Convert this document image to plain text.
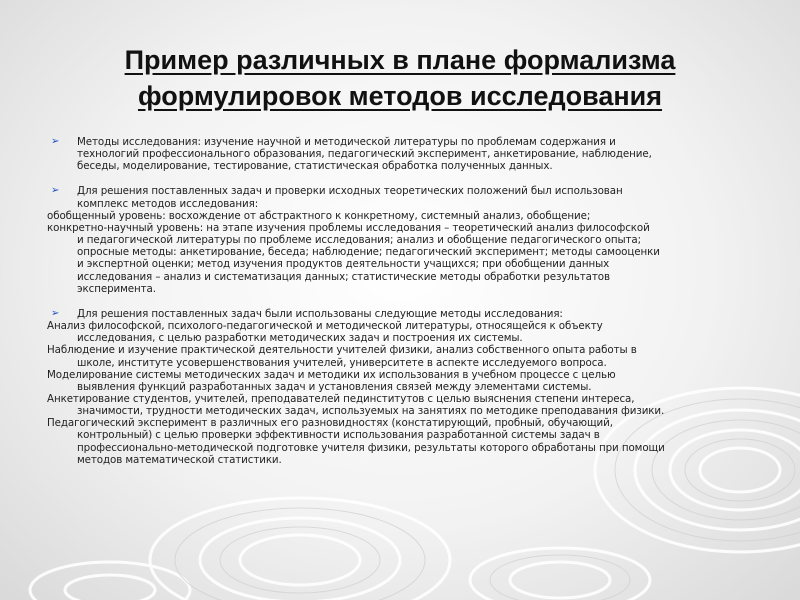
Пример различных в плане формализма
формулировок методов исследования
➢ Методы исследования: изучение научной и методической литературы по проблемам содержания и
технологий профессионального образования, педагогический эксперимент, анкетирование, наблюдение,
беседы, моделирование, тестирование, статистическая обработка полученных данных.
➢ Для решения поставленных задач и проверки исходных теоретических положений был использован
комплекс методов исследования:
обобщенный уровень: восхождение от абстрактного к конкретному, системный анализ, обобщение;
конкретно-научный уровень: на этапе изучения проблемы исследования – теоретический анализ философской
и педагогической литературы по проблеме исследования; анализ и обобщение педагогического опыта;
опросные методы: анкетирование, беседа; наблюдение; педагогический эксперимент; методы самооценки
и экспертной оценки; метод изучения продуктов деятельности учащихся; при обобщении данных
исследования – анализ и систематизация данных; статистические методы обработки результатов
эксперимента.
➢ Для решения поставленных задач были использованы следующие методы исследования:
Анализ философской, психолого-педагогической и методической литературы, относящейся к объекту
исследования, с целью разработки методических задач и построения их системы.
Наблюдение и изучение практической деятельности учителей физики, анализ собственного опыта работы в
школе, институте усовершенствования учителей, университете в аспекте исследуемого вопроса.
Моделирование системы методических задач и методики их использования в учебном процессе с целью
выявления функций разработанных задач и установления связей между элементами системы.
Анкетирование студентов, учителей, преподавателей пединститутов с целью выяснения степени интереса,
значимости, трудности методических задач, используемых на занятиях по методике преподавания физики.
Педагогический эксперимент в различных его разновидностях (констатирующий, пробный, обучающий,
контрольный) с целью проверки эффективности использования разработанной системы задач в
профессионально-методической подготовке учителя физики, результаты которого обработаны при помощи
методов математической статистики.
